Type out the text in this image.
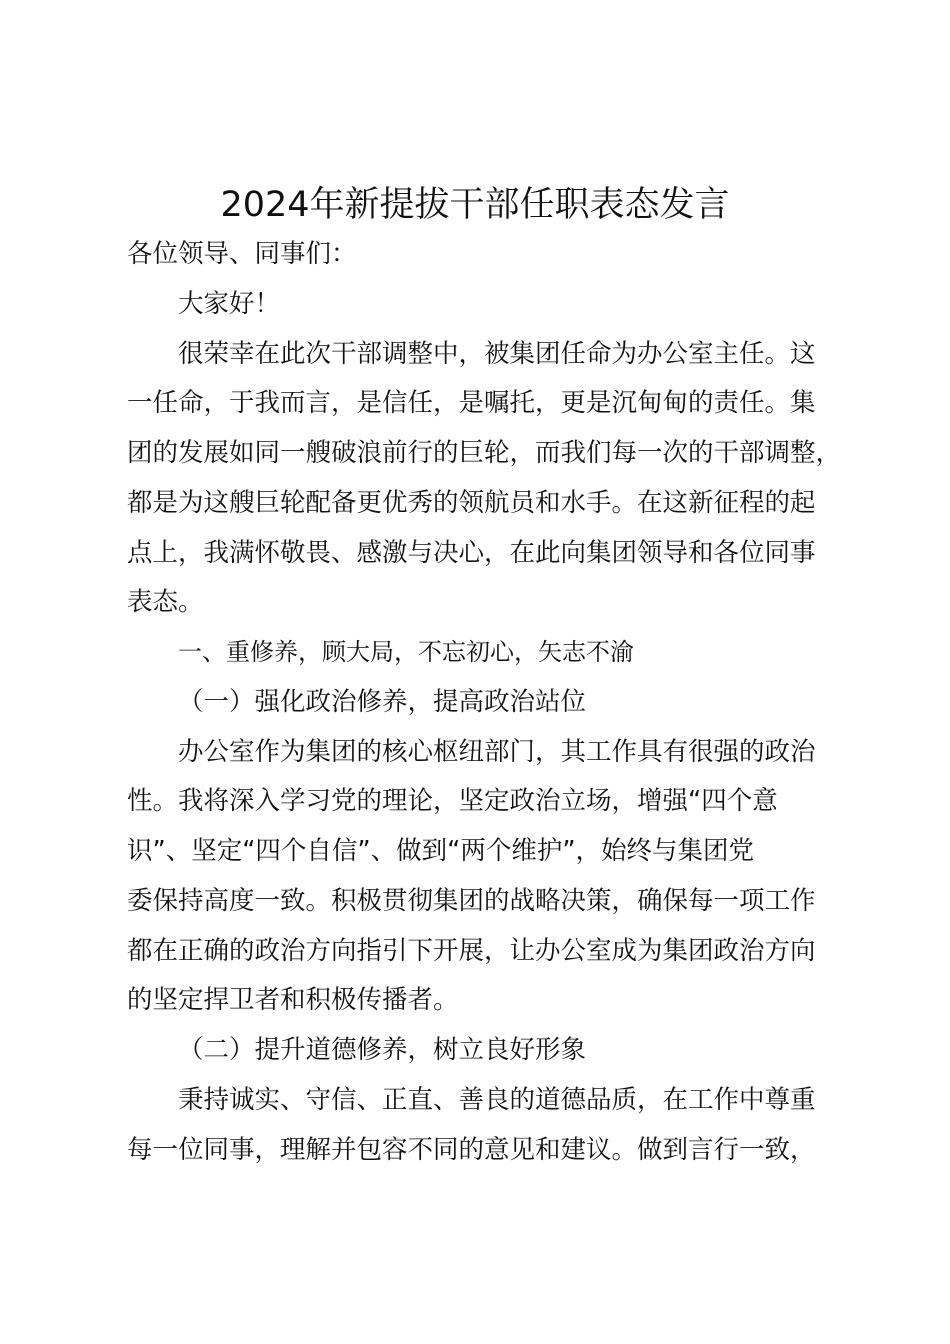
2024年新提拔干部任职表态发言
各位领导、同事们：
大家好！
很荣幸在此次干部调整中，被集团任命为办公室主任。这
一任命，于我而言，是信任，是嘱托，更是沉甸甸的责任。集
团的发展如同一艘破浪前行的巨轮，而我们每一次的干部调整，
都是为这艘巨轮配备更优秀的领航员和水手。在这新征程的起
点上，我满怀敬畏、感激与决心，在此向集团领导和各位同事
表态。
一、重修养，顾大局，不忘初心，矢志不渝
（一）强化政治修养，提高政治站位
办公室作为集团的核心枢纽部门，其工作具有很强的政治
性。我将深入学习党的理论，坚定政治立场，增强“四个意
识”、坚定“四个自信”、做到“两个维护”，始终与集团党
委保持高度一致。积极贯彻集团的战略决策，确保每一项工作
都在正确的政治方向指引下开展，让办公室成为集团政治方向
的坚定捍卫者和积极传播者。
（二）提升道德修养，树立良好形象
秉持诚实、守信、正直、善良的道德品质，在工作中尊重
每一位同事，理解并包容不同的意见和建议。做到言行一致，
